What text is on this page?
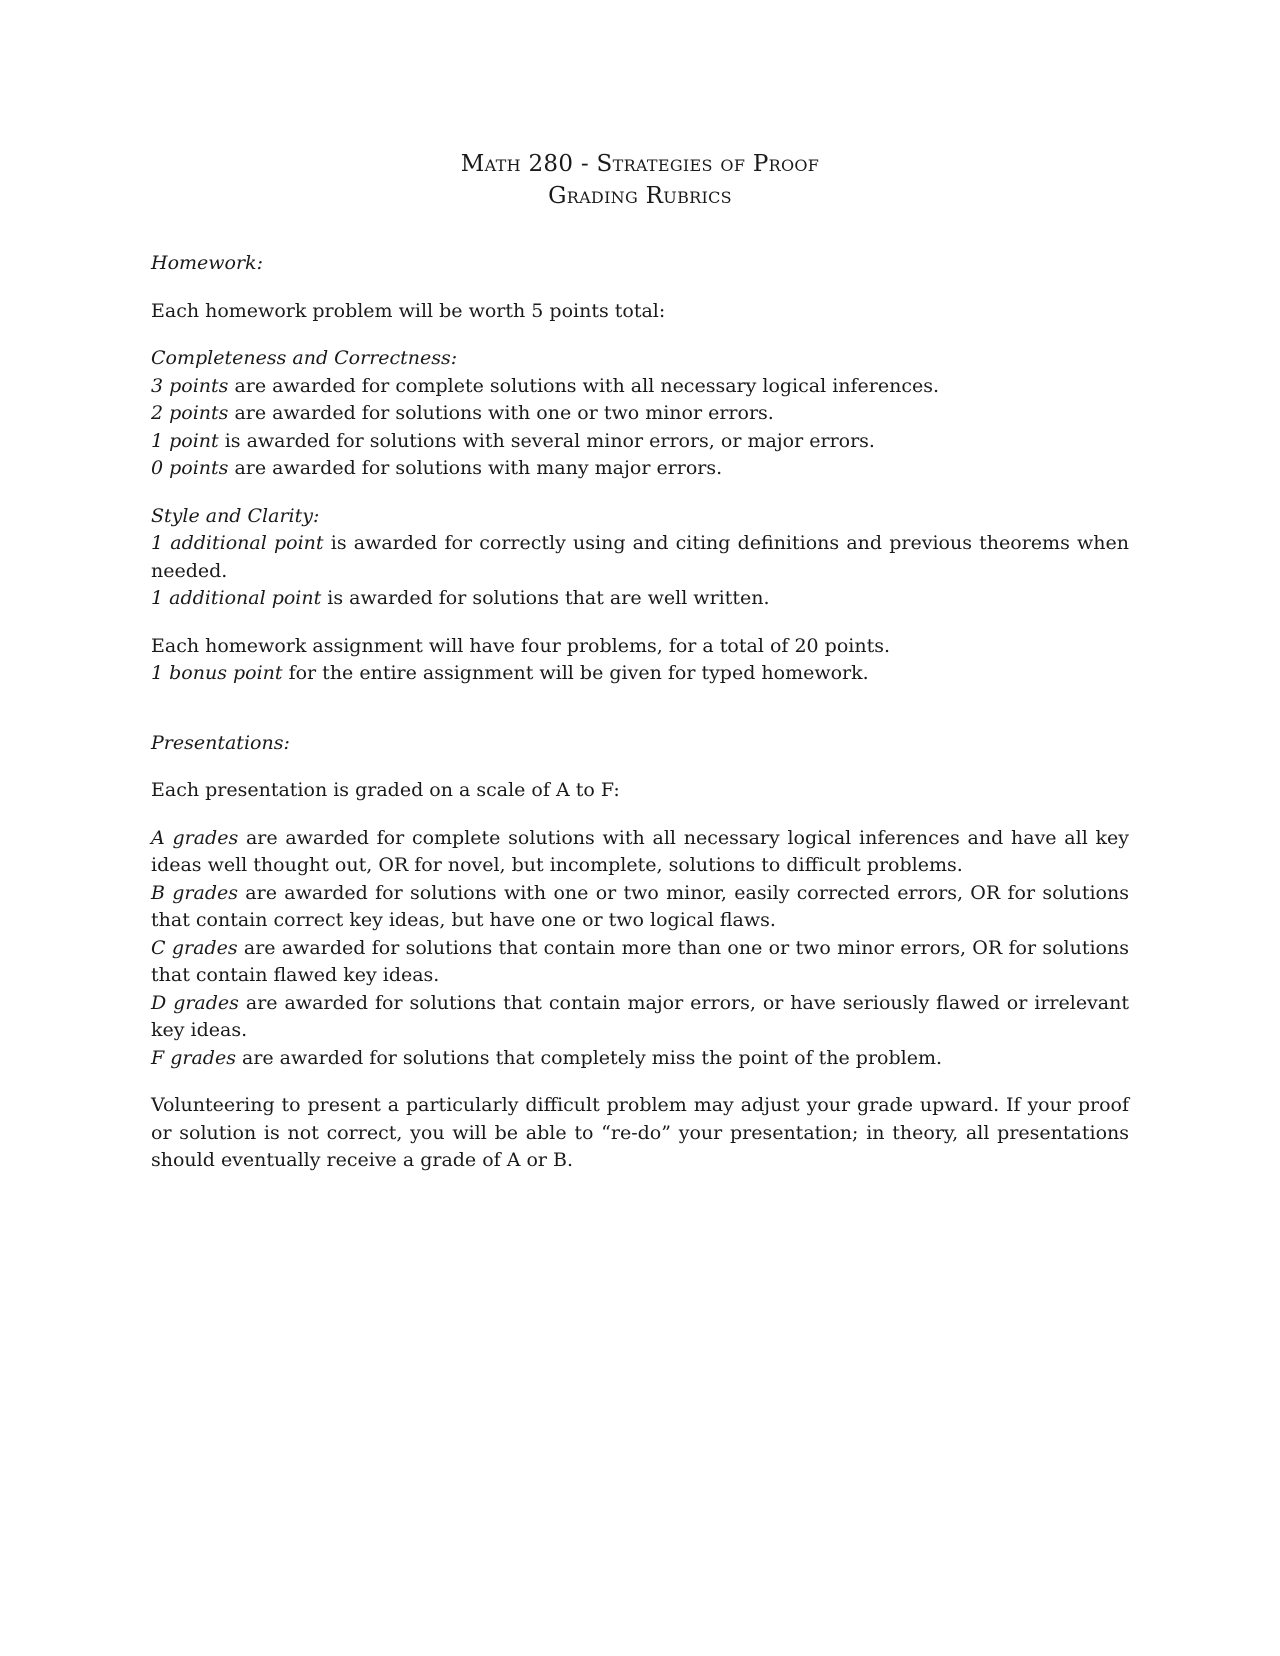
Math 280 - Strategies of Proof
Grading Rubrics
Homework:
Each homework problem will be worth 5 points total:
Completeness and Correctness:
3 points are awarded for complete solutions with all necessary logical inferences.
2 points are awarded for solutions with one or two minor errors.
1 point is awarded for solutions with several minor errors, or major errors.
0 points are awarded for solutions with many major errors.
Style and Clarity:
1 additional point is awarded for correctly using and citing definitions and previous theorems when needed.
1 additional point is awarded for solutions that are well written.
Each homework assignment will have four problems, for a total of 20 points.
1 bonus point for the entire assignment will be given for typed homework.
Presentations:
Each presentation is graded on a scale of A to F:
A grades are awarded for complete solutions with all necessary logical inferences and have all key ideas well thought out, OR for novel, but incomplete, solutions to difficult problems.
B grades are awarded for solutions with one or two minor, easily corrected errors, OR for solutions that contain correct key ideas, but have one or two logical flaws.
C grades are awarded for solutions that contain more than one or two minor errors, OR for solutions that contain flawed key ideas.
D grades are awarded for solutions that contain major errors, or have seriously flawed or irrelevant key ideas.
F grades are awarded for solutions that completely miss the point of the problem.
Volunteering to present a particularly difficult problem may adjust your grade upward. If your proof or solution is not correct, you will be able to “re-do” your presentation; in theory, all presentations should eventually receive a grade of A or B.
